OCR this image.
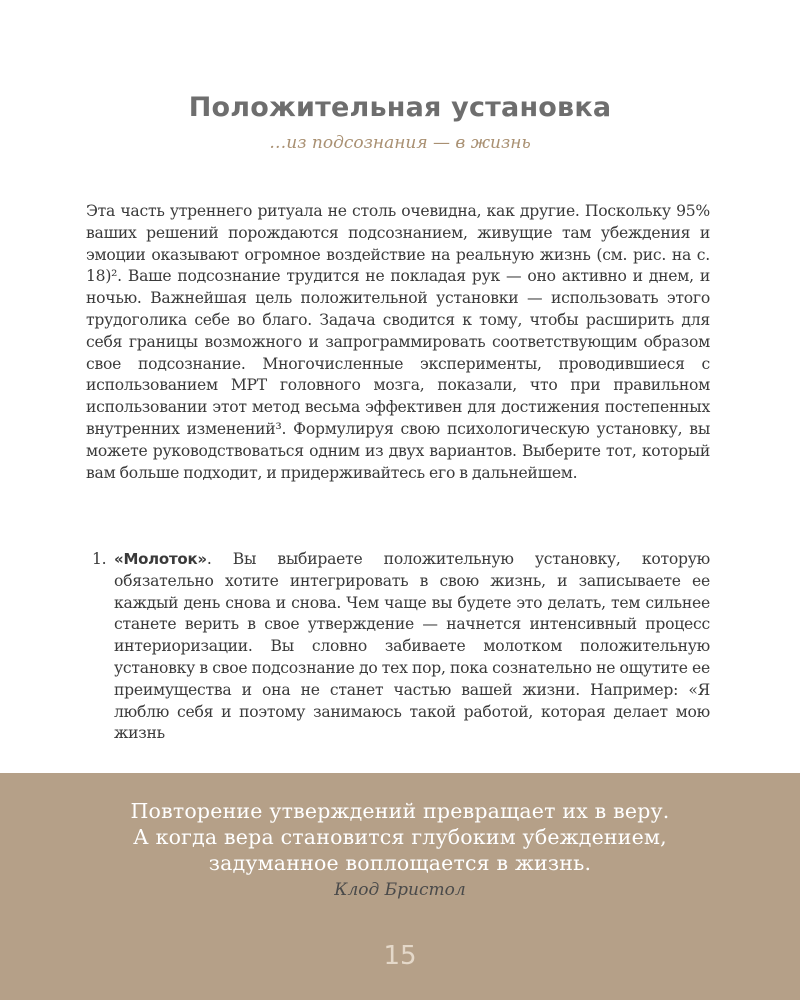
Положительная установка

…из подсознания — в жизнь

Эта часть утреннего ритуала не столь очевидна, как другие. Поскольку 95% ваших решений порождаются подсознанием, живущие там убеждения и эмоции оказывают огромное воздействие на реальную жизнь (см. рис. на с. 18)². Ваше подсознание трудится не покладая рук — оно активно и днем, и ночью. Важнейшая цель положительной установки — использовать этого трудоголика себе во благо. Задача сводится к тому, чтобы расширить для себя границы возможного и запрограммировать соответствующим образом свое подсознание. Многочисленные эксперименты, проводившиеся с использованием МРТ головного мозга, показали, что при правильном использовании этот метод весьма эффективен для достижения постепенных внутренних изменений³. Формулируя свою психологическую установку, вы можете руководствоваться одним из двух вариантов. Выберите тот, который вам больше подходит, и придерживайтесь его в дальнейшем.

1. «Молоток». Вы выбираете положительную установку, которую обязательно хотите интегрировать в свою жизнь, и записываете ее каждый день снова и снова. Чем чаще вы будете это делать, тем сильнее станете верить в свое утверждение — начнется интенсивный процесс интериоризации. Вы словно забиваете молотком положительную установку в свое подсознание до тех пор, пока сознательно не ощутите ее преимущества и она не станет частью вашей жизни. Например: «Я люблю себя и поэтому занимаюсь такой работой, которая делает мою жизнь

Повторение утверждений превращает их в веру.
А когда вера становится глубоким убеждением,
задуманное воплощается в жизнь.

Клод Бристол

15
